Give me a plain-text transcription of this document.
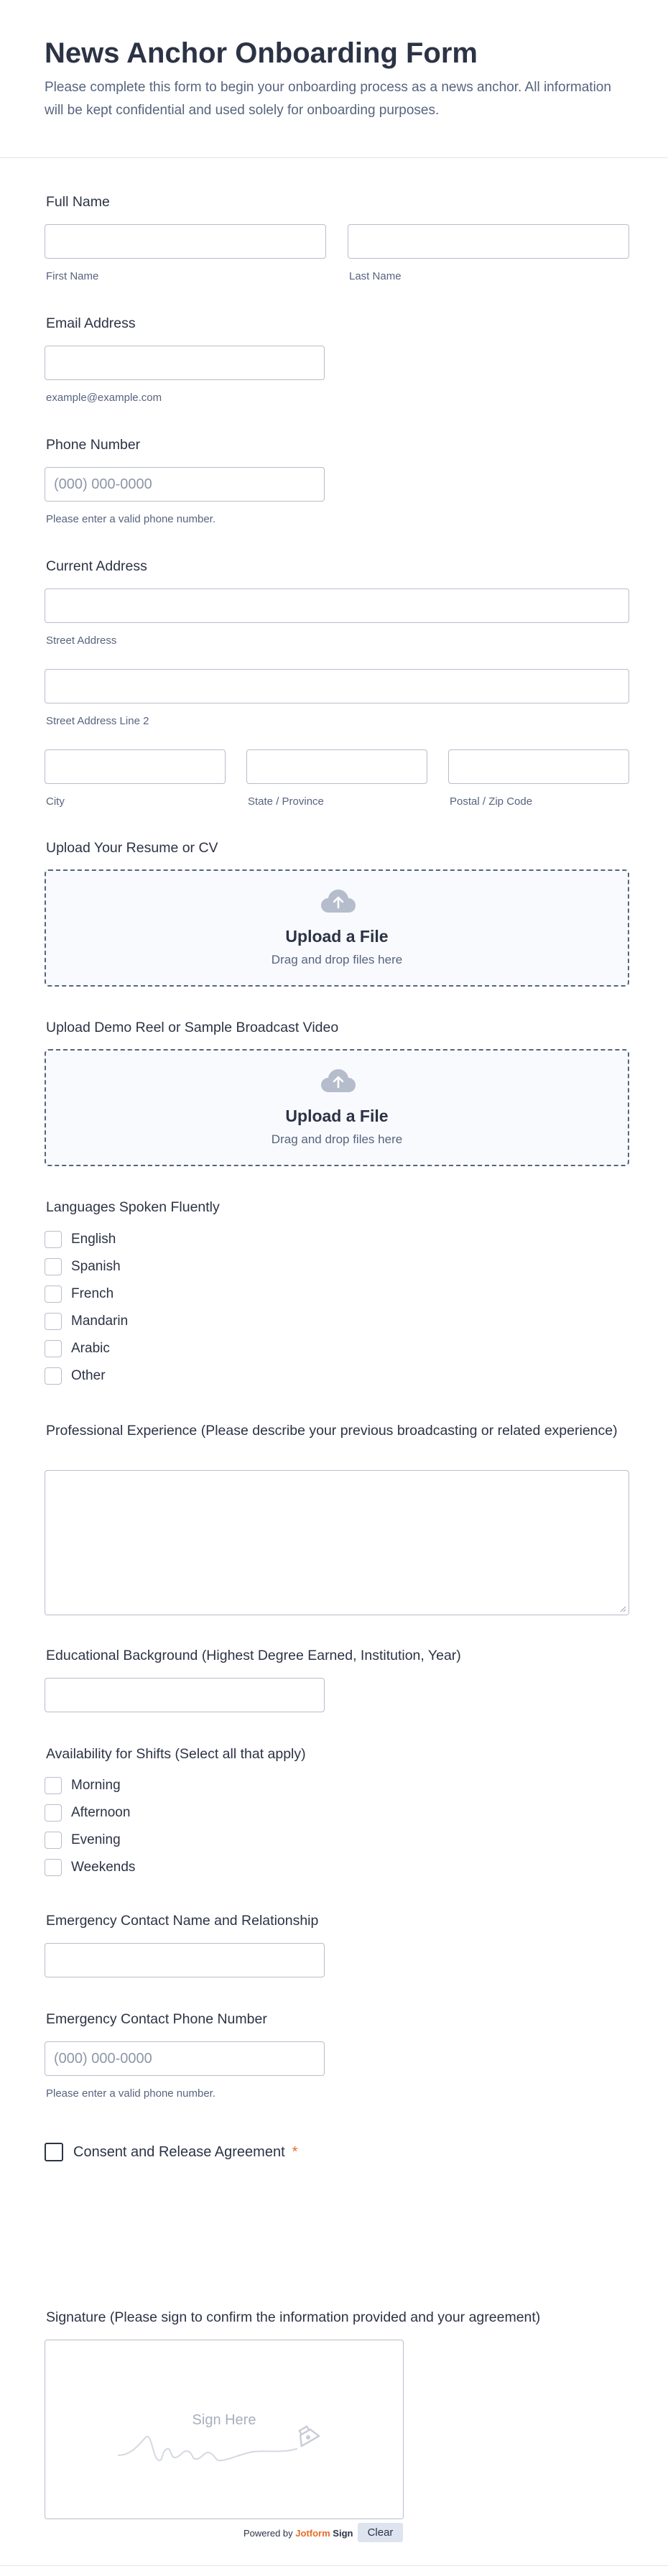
News Anchor Onboarding Form

Please complete this form to begin your onboarding process as a news anchor. All information will be kept confidential and used solely for onboarding purposes.

Full Name
First Name	Last Name
Email Address
example@example.com
Phone Number
(000) 000-0000
Please enter a valid phone number.
Current Address
Street Address
Street Address Line 2
City	State / Province	Postal / Zip Code
Upload Your Resume or CV
Upload a File
Drag and drop files here
Upload Demo Reel or Sample Broadcast Video
Upload a File
Drag and drop files here
Languages Spoken Fluently
English
Spanish
French
Mandarin
Arabic
Other
Professional Experience (Please describe your previous broadcasting or related experience)
Educational Background (Highest Degree Earned, Institution, Year)
Availability for Shifts (Select all that apply)
Morning
Afternoon
Evening
Weekends
Emergency Contact Name and Relationship
Emergency Contact Phone Number
(000) 000-0000
Please enter a valid phone number.
Consent and Release Agreement *
Signature (Please sign to confirm the information provided and your agreement)
Sign Here
Powered by Jotform Sign	Clear
